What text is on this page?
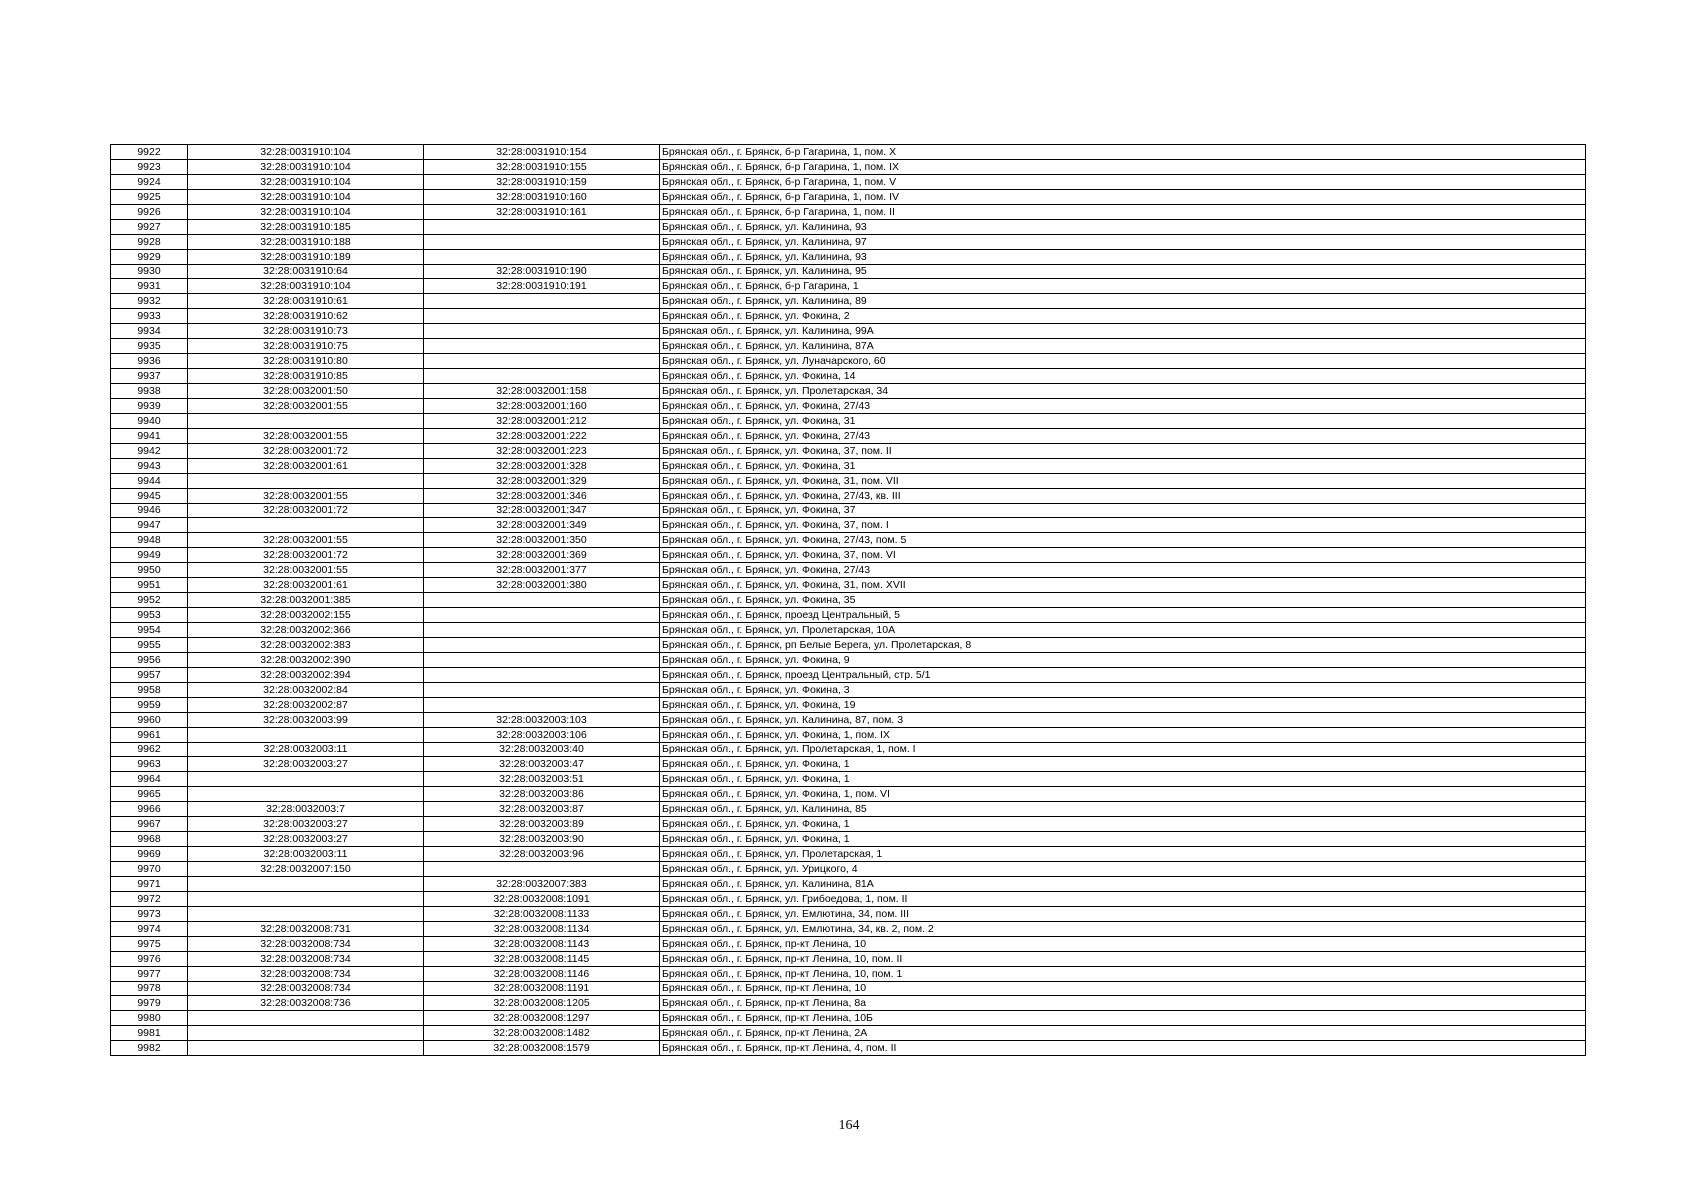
9922	32:28:0031910:104	32:28:0031910:154	Брянская обл., г. Брянск, б-р Гагарина, 1, пом. X
9923	32:28:0031910:104	32:28:0031910:155	Брянская обл., г. Брянск, б-р Гагарина, 1, пом. IX
9924	32:28:0031910:104	32:28:0031910:159	Брянская обл., г. Брянск, б-р Гагарина, 1, пом. V
9925	32:28:0031910:104	32:28:0031910:160	Брянская обл., г. Брянск, б-р Гагарина, 1, пом. IV
9926	32:28:0031910:104	32:28:0031910:161	Брянская обл., г. Брянск, б-р Гагарина, 1, пом. II
9927	32:28:0031910:185		Брянская обл., г. Брянск, ул. Калинина, 93
9928	32:28:0031910:188		Брянская обл., г. Брянск, ул. Калинина, 97
9929	32:28:0031910:189		Брянская обл., г. Брянск, ул. Калинина, 93
9930	32:28:0031910:64	32:28:0031910:190	Брянская обл., г. Брянск, ул. Калинина, 95
9931	32:28:0031910:104	32:28:0031910:191	Брянская обл., г. Брянск, б-р Гагарина, 1
9932	32:28:0031910:61		Брянская обл., г. Брянск, ул. Калинина, 89
9933	32:28:0031910:62		Брянская обл., г. Брянск, ул. Фокина, 2
9934	32:28:0031910:73		Брянская обл., г. Брянск, ул. Калинина, 99А
9935	32:28:0031910:75		Брянская обл., г. Брянск, ул. Калинина, 87А
9936	32:28:0031910:80		Брянская обл., г. Брянск, ул. Луначарского, 60
9937	32:28:0031910:85		Брянская обл., г. Брянск, ул. Фокина, 14
9938	32:28:0032001:50	32:28:0032001:158	Брянская обл., г. Брянск, ул. Пролетарская, 34
9939	32:28:0032001:55	32:28:0032001:160	Брянская обл., г. Брянск, ул. Фокина, 27/43
9940		32:28:0032001:212	Брянская обл., г. Брянск, ул. Фокина, 31
9941	32:28:0032001:55	32:28:0032001:222	Брянская обл., г. Брянск, ул. Фокина, 27/43
9942	32:28:0032001:72	32:28:0032001:223	Брянская обл., г. Брянск, ул. Фокина, 37, пом. II
9943	32:28:0032001:61	32:28:0032001:328	Брянская обл., г. Брянск, ул. Фокина, 31
9944		32:28:0032001:329	Брянская обл., г. Брянск, ул. Фокина, 31, пом. VII
9945	32:28:0032001:55	32:28:0032001:346	Брянская обл., г. Брянск, ул. Фокина, 27/43, кв. III
9946	32:28:0032001:72	32:28:0032001:347	Брянская обл., г. Брянск, ул. Фокина, 37
9947		32:28:0032001:349	Брянская обл., г. Брянск, ул. Фокина, 37, пом. I
9948	32:28:0032001:55	32:28:0032001:350	Брянская обл., г. Брянск, ул. Фокина, 27/43, пом. 5
9949	32:28:0032001:72	32:28:0032001:369	Брянская обл., г. Брянск, ул. Фокина, 37, пом. VI
9950	32:28:0032001:55	32:28:0032001:377	Брянская обл., г. Брянск, ул. Фокина, 27/43
9951	32:28:0032001:61	32:28:0032001:380	Брянская обл., г. Брянск, ул. Фокина, 31, пом. XVII
9952	32:28:0032001:385		Брянская обл., г. Брянск, ул. Фокина, 35
9953	32:28:0032002:155		Брянская обл., г. Брянск, проезд Центральный, 5
9954	32:28:0032002:366		Брянская обл., г. Брянск, ул. Пролетарская, 10А
9955	32:28:0032002:383		Брянская обл., г. Брянск, рп Белые Берега, ул. Пролетарская, 8
9956	32:28:0032002:390		Брянская обл., г. Брянск, ул. Фокина, 9
9957	32:28:0032002:394		Брянская обл., г. Брянск, проезд Центральный, стр. 5/1
9958	32:28:0032002:84		Брянская обл., г. Брянск, ул. Фокина, 3
9959	32:28:0032002:87		Брянская обл., г. Брянск, ул. Фокина, 19
9960	32:28:0032003:99	32:28:0032003:103	Брянская обл., г. Брянск, ул. Калинина, 87, пом. 3
9961		32:28:0032003:106	Брянская обл., г. Брянск, ул. Фокина, 1, пом. IX
9962	32:28:0032003:11	32:28:0032003:40	Брянская обл., г. Брянск, ул. Пролетарская, 1, пом. I
9963	32:28:0032003:27	32:28:0032003:47	Брянская обл., г. Брянск, ул. Фокина, 1
9964		32:28:0032003:51	Брянская обл., г. Брянск, ул. Фокина, 1
9965		32:28:0032003:86	Брянская обл., г. Брянск, ул. Фокина, 1, пом. VI
9966	32:28:0032003:7	32:28:0032003:87	Брянская обл., г. Брянск, ул. Калинина, 85
9967	32:28:0032003:27	32:28:0032003:89	Брянская обл., г. Брянск, ул. Фокина, 1
9968	32:28:0032003:27	32:28:0032003:90	Брянская обл., г. Брянск, ул. Фокина, 1
9969	32:28:0032003:11	32:28:0032003:96	Брянская обл., г. Брянск, ул. Пролетарская, 1
9970	32:28:0032007:150		Брянская обл., г. Брянск, ул. Урицкого, 4
9971		32:28:0032007:383	Брянская обл., г. Брянск, ул. Калинина, 81А
9972		32:28:0032008:1091	Брянская обл., г. Брянск, ул. Грибоедова, 1, пом. II
9973		32:28:0032008:1133	Брянская обл., г. Брянск, ул. Емлютина, 34, пом. III
9974	32:28:0032008:731	32:28:0032008:1134	Брянская обл., г. Брянск, ул. Емлютина, 34, кв. 2, пом. 2
9975	32:28:0032008:734	32:28:0032008:1143	Брянская обл., г. Брянск, пр-кт Ленина, 10
9976	32:28:0032008:734	32:28:0032008:1145	Брянская обл., г. Брянск, пр-кт Ленина, 10, пом. II
9977	32:28:0032008:734	32:28:0032008:1146	Брянская обл., г. Брянск, пр-кт Ленина, 10, пом. 1
9978	32:28:0032008:734	32:28:0032008:1191	Брянская обл., г. Брянск, пр-кт Ленина, 10
9979	32:28:0032008:736	32:28:0032008:1205	Брянская обл., г. Брянск, пр-кт Ленина, 8а
9980		32:28:0032008:1297	Брянская обл., г. Брянск, пр-кт Ленина, 10Б
9981		32:28:0032008:1482	Брянская обл., г. Брянск, пр-кт Ленина, 2А
9982		32:28:0032008:1579	Брянская обл., г. Брянск, пр-кт Ленина, 4, пом. II
164
